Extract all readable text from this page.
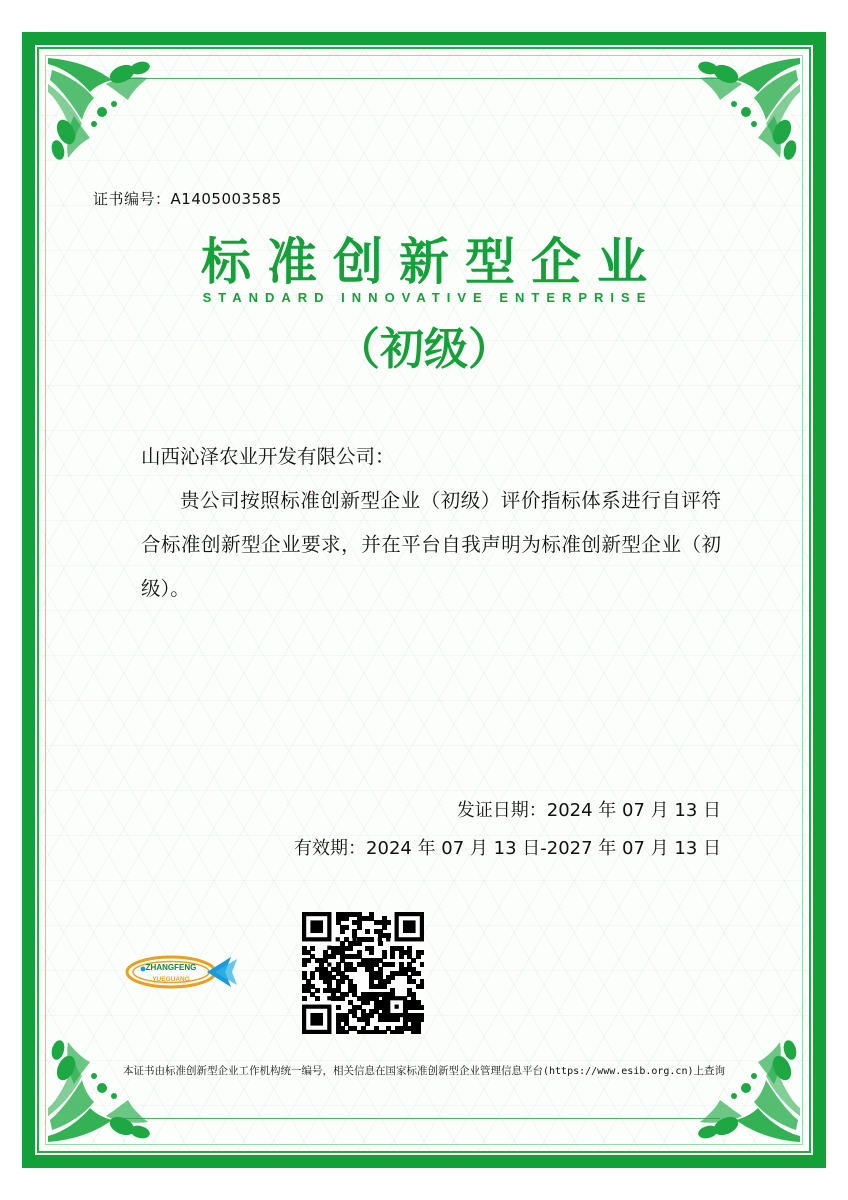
证书编号：A1405003585
标准创新型企业
STANDARD INNOVATIVE ENTERPRISE
（初级）
山西沁泽农业开发有限公司：
贵公司按照标准创新型企业（初级）评价指标体系进行自评符合标准创新型企业要求，并在平台自我声明为标准创新型企业（初级）。
发证日期：2024 年 07 月 13 日
有效期：2024 年 07 月 13 日-2027 年 07 月 13 日
ZHANGFENG
YUEGUANG
本证书由标准创新型企业工作机构统一编号，相关信息在国家标准创新型企业管理信息平台(https://www.esib.org.cn)上查询
